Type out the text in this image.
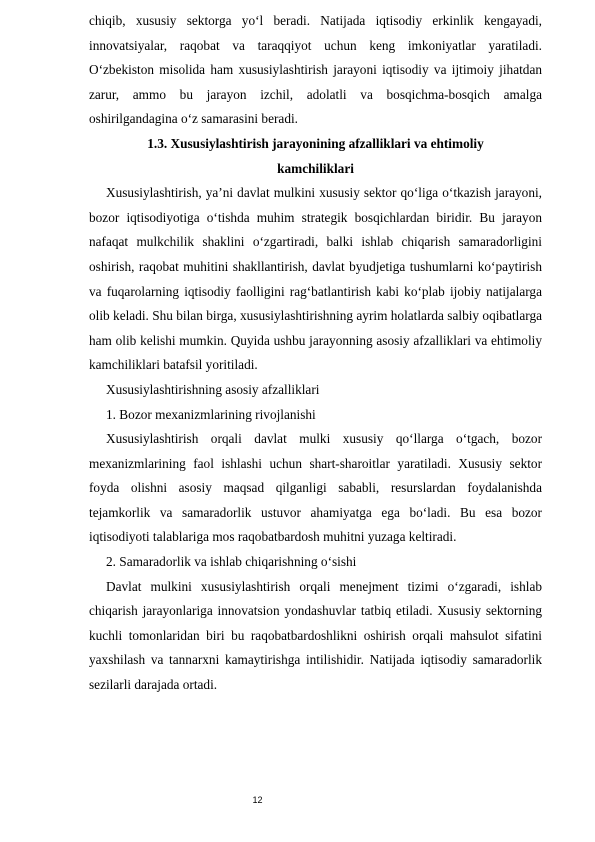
chiqib, xususiy sektorga yo‘l beradi. Natijada iqtisodiy erkinlik kengayadi, innovatsiyalar, raqobat va taraqqiyot uchun keng imkoniyatlar yaratiladi. O‘zbekiston misolida ham xususiylashtirish jarayoni iqtisodiy va ijtimoiy jihatdan zarur, ammo bu jarayon izchil, adolatli va bosqichma-bosqich amalga oshirilgandagina o‘z samarasini beradi.

1.3. Xususiylashtirish jarayonining afzalliklari va ehtimoliy kamchiliklari

Xususiylashtirish, ya’ni davlat mulkini xususiy sektor qo‘liga o‘tkazish jarayoni, bozor iqtisodiyotiga o‘tishda muhim strategik bosqichlardan biridir. Bu jarayon nafaqat mulkchilik shaklini o‘zgartiradi, balki ishlab chiqarish samaradorligini oshirish, raqobat muhitini shakllantirish, davlat byudjetiga tushumlarni ko‘paytirish va fuqarolarning iqtisodiy faolligini rag‘batlantirish kabi ko‘plab ijobiy natijalarga olib keladi. Shu bilan birga, xususiylashtirishning ayrim holatlarda salbiy oqibatlarga ham olib kelishi mumkin. Quyida ushbu jarayonning asosiy afzalliklari va ehtimoliy kamchiliklari batafsil yoritiladi.

Xususiylashtirishning asosiy afzalliklari

1. Bozor mexanizmlarining rivojlanishi

Xususiylashtirish orqali davlat mulki xususiy qo‘llarga o‘tgach, bozor mexanizmlarining faol ishlashi uchun shart-sharoitlar yaratiladi. Xususiy sektor foyda olishni asosiy maqsad qilganligi sababli, resurslardan foydalanishda tejamkorlik va samaradorlik ustuvor ahamiyatga ega bo‘ladi. Bu esa bozor iqtisodiyoti talablariga mos raqobatbardosh muhitni yuzaga keltiradi.

2. Samaradorlik va ishlab chiqarishning o‘sishi

Davlat mulkini xususiylashtirish orqali menejment tizimi o‘zgaradi, ishlab chiqarish jarayonlariga innovatsion yondashuvlar tatbiq etiladi. Xususiy sektorning kuchli tomonlaridan biri bu raqobatbardoshlikni oshirish orqali mahsulot sifatini yaxshilash va tannarxni kamaytirishga intilishidir. Natijada iqtisodiy samaradorlik sezilarli darajada ortadi.

12
